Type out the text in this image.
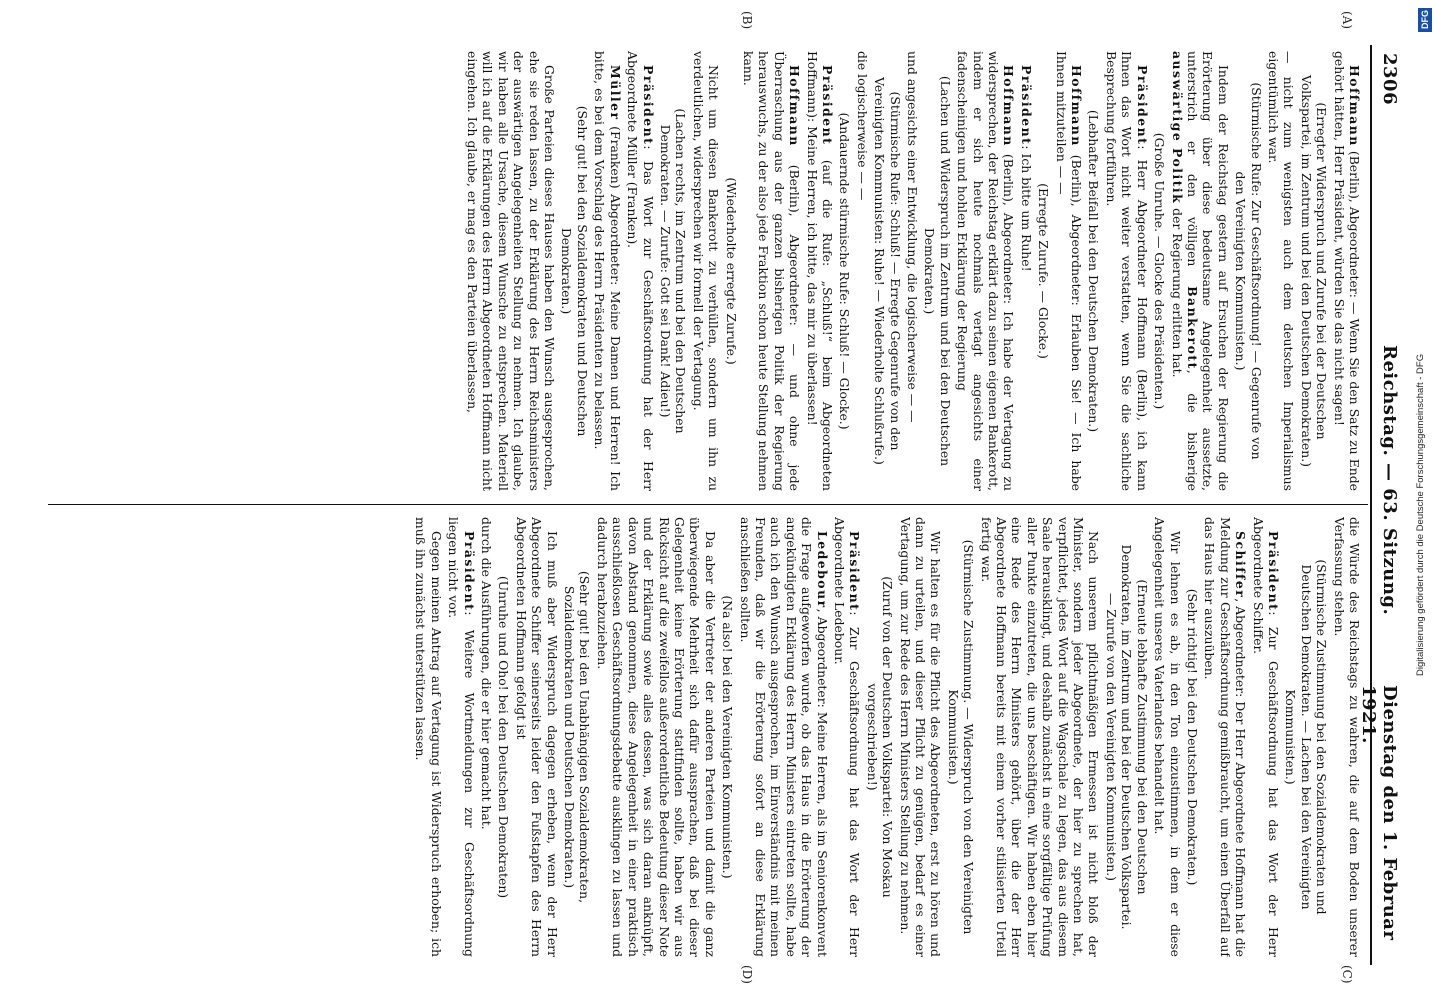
2306
Reichstag. — 63. Sitzung.
Dienstag den 1. Februar 1921.
(A)
(B)
(C)
(D)

Hoffmann (Berlin), Abgeordneter: — Wenn Sie den Satz zu Ende gehört hätten, Herr Präsident, würden Sie das nicht sagen!

(Erregter Widerspruch und Zurufe bei der Deutschen Volkspartei, im Zentrum und bei den Deutschen Demokraten.)

— nicht zum wenigsten auch dem deutschen Imperialismus eigentümlich war.

(Stürmische Rufe: Zur Geschäftsordnung! — Gegenrufe von den Vereinigten Kommunisten.)

Indem der Reichstag gestern auf Ersuchen der Regierung die Erörterung über diese bedeutsame Angelegenheit aussetzte, unterstrich er den völligen Bankerott, die bisherige auswärtige Politik der Regierung erlitten hat.

(Große Unruhe. — Glocke des Präsidenten.)

Präsident: Herr Abgeordneter Hoffmann (Berlin), ich kann Ihnen das Wort nicht weiter verstatten, wenn Sie die sachliche Besprechung fortführen.

(Lebhafter Beifall bei den Deutschen Demokraten.)

Hoffmann (Berlin), Abgeordneter: Erlauben Sie! — Ich habe Ihnen mitzuteilen — —

(Erregte Zurufe. — Glocke.)

Präsident: Ich bitte um Ruhe!

Hoffmann (Berlin), Abgeordneter: Ich habe der Vertagung zu widersprechen, der Reichstag erklärt dazu seinen eigenen Bankerott, indem er sich heute nochmals vertagt angesichts einer fadenscheinigen und hohlen Erklärung der Regierung

(Lachen und Widerspruch im Zentrum und bei den Deutschen Demokraten.)

und angesichts einer Entwicklung, die logischerweise — —

(Stürmische Rufe: Schluß! — Erregte Gegenrufe von den Vereinigten Kommunisten: Ruhe! — Wiederholte Schlußrufe.)

die logischerweise — —

(Andauernde stürmische Rufe: Schluß! — Glocke.)

Präsident (auf die Rufe: „Schluß!“ beim Abgeordneten Hoffmann): Meine Herren, ich bitte, das mir zu überlassen!

Hoffmann (Berlin), Abgeordneter: — und ohne jede Überraschung aus der ganzen bisherigen Politik der Regierung herauswuchs, zu der also jede Fraktion schon heute Stellung nehmen kann.

(Wiederholte erregte Zurufe.)

Nicht um diesen Bankerott zu verhüllen, sondern um ihn zu verdeutlichen, widersprechen wir formell der Vertagung.

(Lachen rechts, im Zentrum und bei den Deutschen Demokraten. — Zurufe: Gott sei Dank! Adieu!)

Präsident: Das Wort zur Geschäftsordnung hat der Herr Abgeordnete Müller (Franken).

Müller (Franken) Abgeordneter: Meine Damen und Herren! Ich bitte, es bei dem Vorschlag des Herrn Präsidenten zu belassen.

(Sehr gut! bei den Sozialdemokraten und Deutschen Demokraten.)

Große Parteien dieses Hauses haben den Wunsch ausgesprochen, ehe sie reden lassen, zu der Erklärung des Herrn Reichsministers der auswärtigen Angelegenheiten Stellung zu nehmen. Ich glaube, wir haben alle Ursache, diesem Wunsche zu entsprechen. Materiell will ich auf die Erklärungen des Herrn Abgeordneten Hoffmann nicht eingehen. Ich glaube, er mag es den Parteien überlassen,

die Würde des Reichstags zu wahren, die auf dem Boden unserer Verfassung stehen.

(Stürmische Zustimmung bei den Sozialdemokraten und Deutschen Demokraten. — Lachen bei den Vereinigten Kommunisten.)

Präsident: Zur Geschäftsordnung hat das Wort der Herr Abgeordnete Schiffer.

Schiffer, Abgeordneter: Der Herr Abgeordnete Hoffmann hat die Meldung zur Geschäftsordnung gemißbraucht, um einen Überfall auf das Haus hier auszuüben.

(Sehr richtig! bei den Deutschen Demokraten.)

Wir lehnen es ab, in den Ton einzustimmen, in dem er diese Angelegenheit unseres Vaterlandes behandelt hat.

(Erneute lebhafte Zustimmung bei den Deutschen Demokraten, im Zentrum und bei der Deutschen Volkspartei. — Zurufe von den Vereinigten Kommunisten.)

Nach unserem pflichtmäßigen Ermessen ist nicht bloß der Minister, sondern jeder Abgeordnete, der hier zu sprechen hat, verpflichtet, jedes Wort auf die Wagschale zu legen, das aus diesem Saale herausklingt, und deshalb zunächst in eine sorgfältige Prüfung aller Punkte einzutreten, die uns beschäftigen. Wir haben eben hier eine Rede des Herrn Ministers gehört, über die der Herr Abgeordnete Hoffmann bereits mit einem vorher stilisierten Urteil fertig war.

(Stürmische Zustimmung. — Widerspruch von den Vereinigten Kommunisten.)

Wir halten es für die Pflicht des Abgeordneten, erst zu hören und dann zu urteilen, und dieser Pflicht zu genügen, bedarf es einer Vertagung, um zur Rede des Herrn Ministers Stellung zu nehmen.

(Zuruf von der Deutschen Volkspartei: Von Moskau vorgeschrieben!)

Präsident: Zur Geschäftsordnung hat das Wort der Herr Abgeordnete Ledebour.

Ledebour, Abgeordneter: Meine Herren, als im Seniorenkonvent die Frage aufgeworfen wurde, ob das Haus in die Erörterung der angekündigten Erklärung des Herrn Ministers eintreten sollte, habe auch ich den Wunsch ausgesprochen, im Einverständnis mit meinen Freunden, daß wir die Erörterung sofort an diese Erklärung anschließen sollten.

(Na also! bei den Vereinigten Kommunisten.)

Da aber die Vertreter der anderen Parteien und damit die ganz überwiegende Mehrheit sich dafür aussprachen, daß bei dieser Gelegenheit keine Erörterung stattfinden sollte, haben wir aus Rücksicht auf die zweifellos außerordentliche Bedeutung dieser Note und der Erklärung sowie alles dessen, was sich daran anknüpft, davon Abstand genommen, diese Angelegenheit in einer praktisch ausschließlosen Geschäftsordnungsdebatte ausklingen zu lassen und dadurch herabzuziehen.

(Sehr gut! bei den Unabhängigen Sozialdemokraten, Sozialdemokraten und Deutschen Demokraten.)

Ich muß aber Widerspruch dagegen erheben, wenn der Herr Abgeordnete Schiffer seinerseits leider den Fußstapfen des Herrn Abgeordneten Hoffmann gefolgt ist

(Unruhe und Oho! bei den Deutschen Demokraten)

durch die Ausführungen, die er hier gemacht hat.

Präsident: Weitere Wortmeldungen zur Geschäftsordnung liegen nicht vor.

Gegen meinen Antrag auf Vertagung ist Widerspruch erhoben; ich muß ihn zunächst unterstützen lassen.

DFG
Digitalisierung gefördert durch die Deutsche Forschungsgemeinschaft - DFG
